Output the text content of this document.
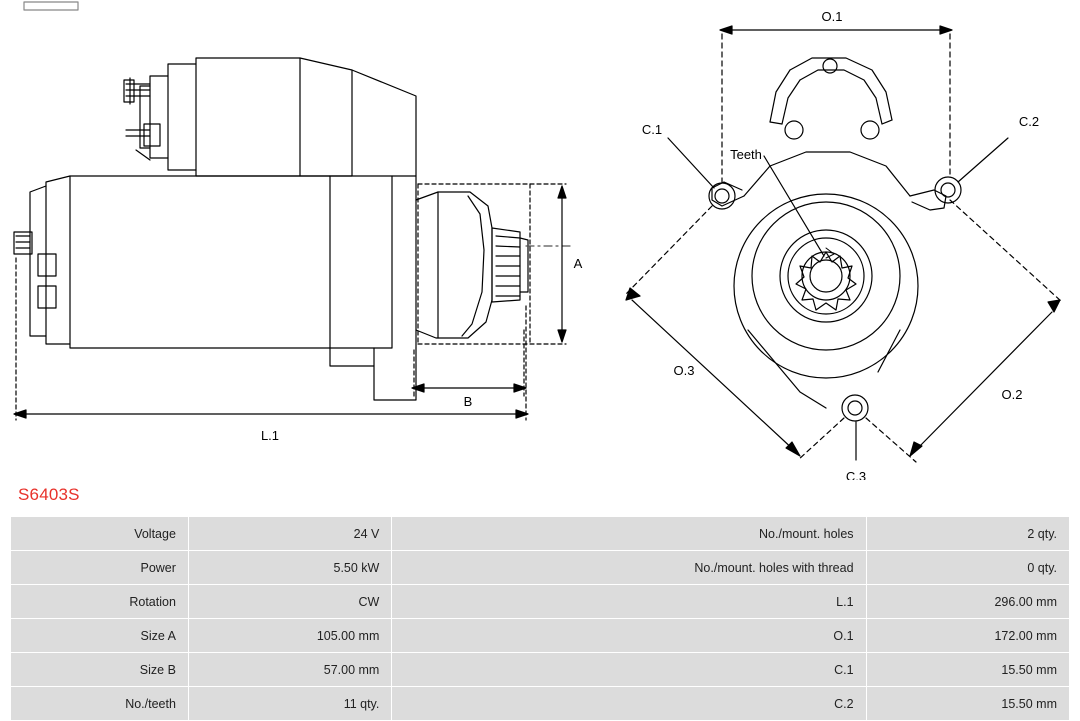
A
B
L.1
O.1
O.2
O.3
C.1
C.2
C.3
Teeth
S6403S
Voltage	24 V	No./mount. holes	2 qty.
Power	5.50 kW	No./mount. holes with thread	0 qty.
Rotation	CW	L.1	296.00 mm
Size A	105.00 mm	O.1	172.00 mm
Size B	57.00 mm	C.1	15.50 mm
No./teeth	11 qty.	C.2	15.50 mm
